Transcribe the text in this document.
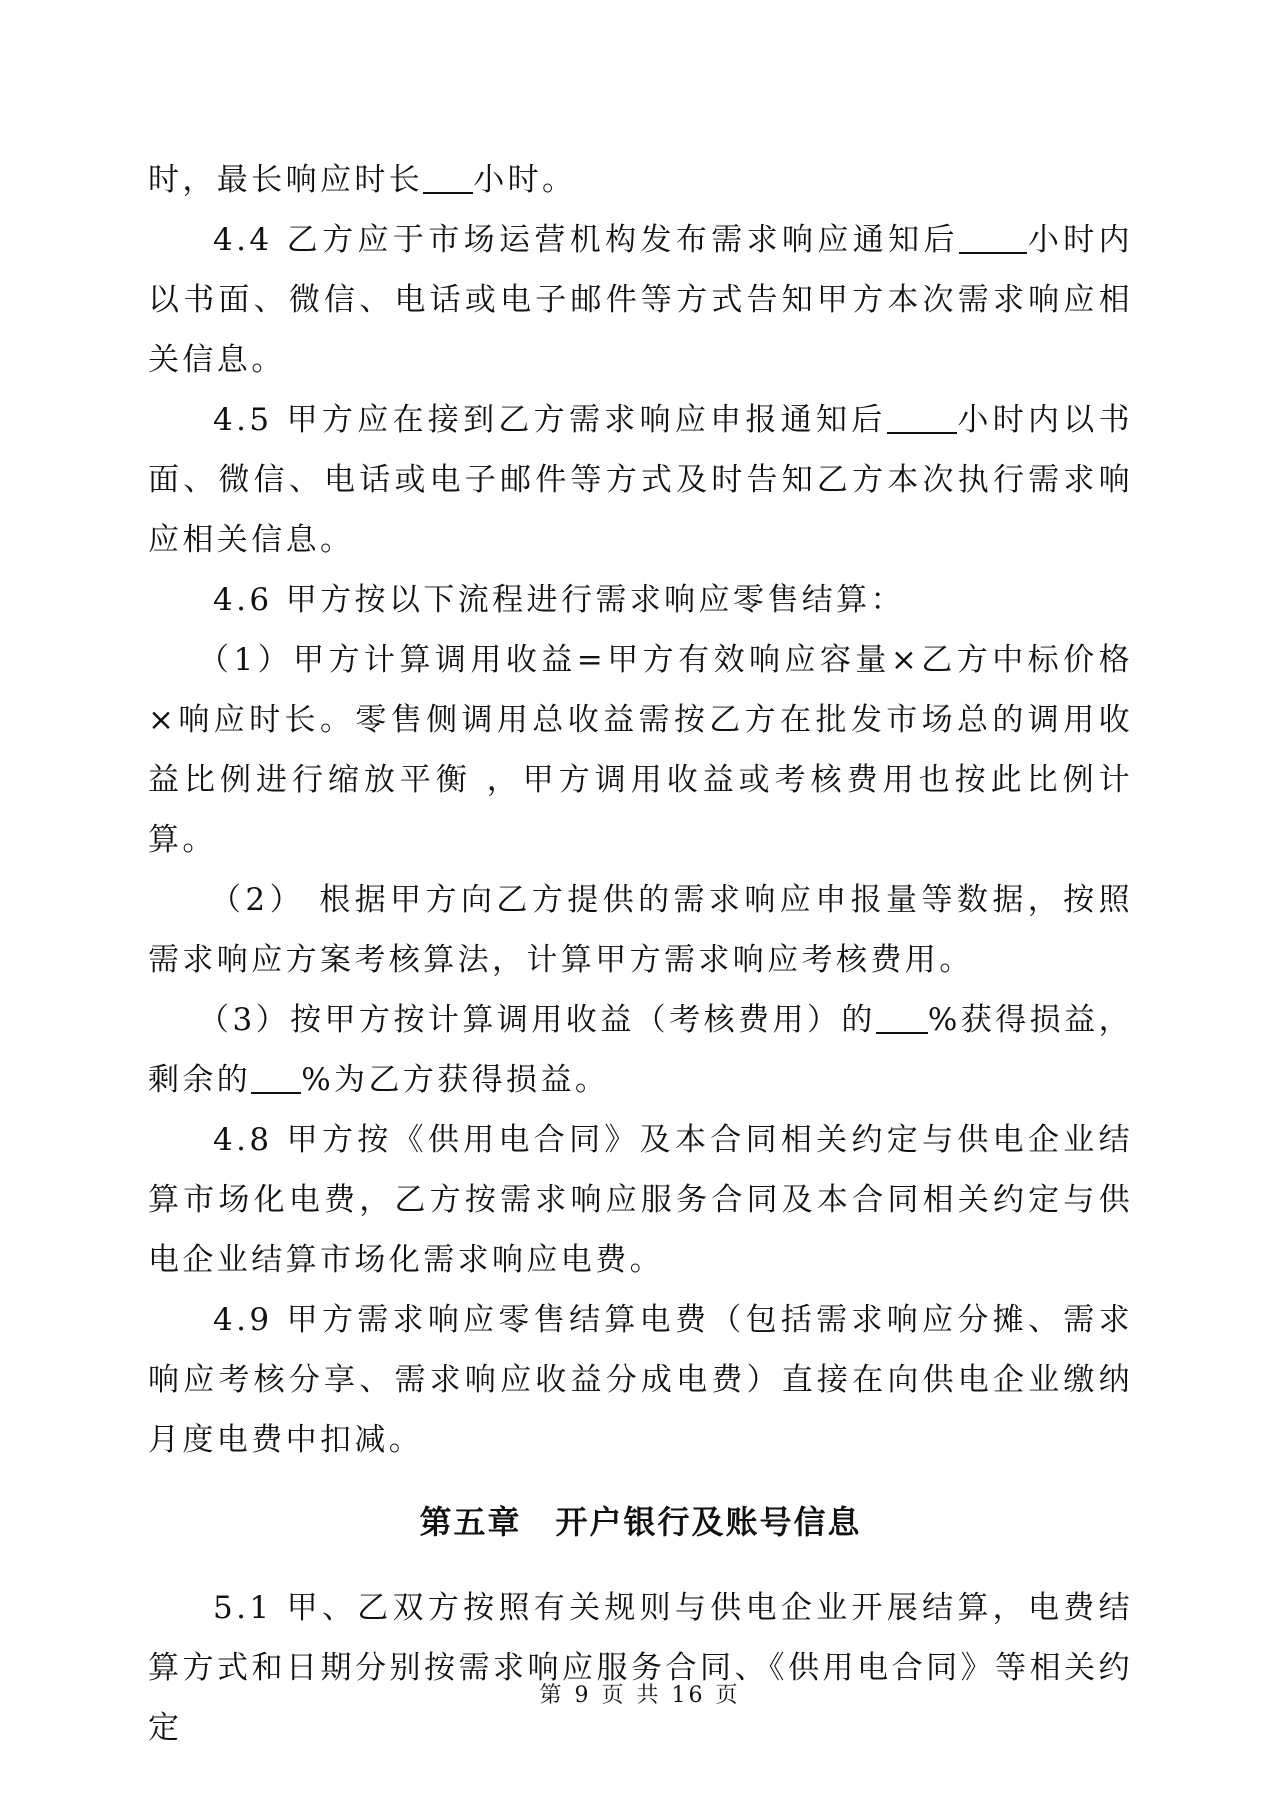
时，最长响应时长 小时。

4.4 乙方应于市场运营机构发布需求响应通知后 小时内以书面、微信、电话或电子邮件等方式告知甲方本次需求响应相关信息。

4.5 甲方应在接到乙方需求响应申报通知后 小时内以书面、微信、电话或电子邮件等方式及时告知乙方本次执行需求响应相关信息。

4.6 甲方按以下流程进行需求响应零售结算：

（1）甲方计算调用收益=甲方有效响应容量×乙方中标价格×响应时长。零售侧调用总收益需按乙方在批发市场总的调用收益比例进行缩放平衡 ，甲方调用收益或考核费用也按此比例计算。

（2） 根据甲方向乙方提供的需求响应申报量等数据，按照需求响应方案考核算法，计算甲方需求响应考核费用。

（3）按甲方按计算调用收益（考核费用）的 %获得损益，剩余的 %为乙方获得损益。

4.8 甲方按《供用电合同》及本合同相关约定与供电企业结算市场化电费，乙方按需求响应服务合同及本合同相关约定与供电企业结算市场化需求响应电费。

4.9 甲方需求响应零售结算电费（包括需求响应分摊、需求响应考核分享、需求响应收益分成电费）直接在向供电企业缴纳月度电费中扣减。

第五章　开户银行及账号信息

5.1 甲、乙双方按照有关规则与供电企业开展结算，电费结算方式和日期分别按需求响应服务合同、《供用电合同》等相关约定

第 9 页 共 16 页
